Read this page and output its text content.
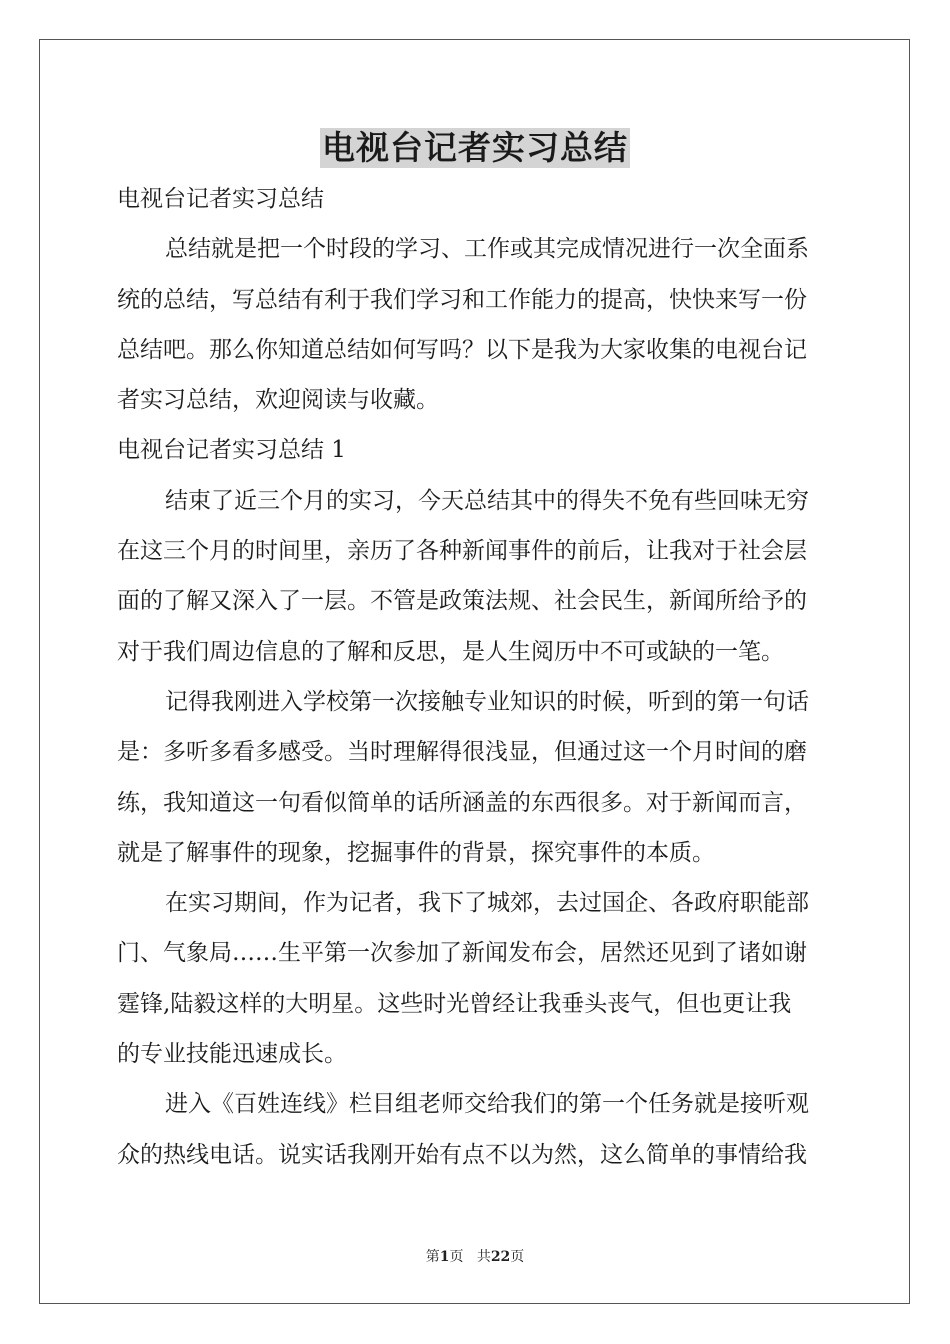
电视台记者实习总结
电视台记者实习总结
总结就是把一个时段的学习、工作或其完成情况进行一次全面系
统的总结，写总结有利于我们学习和工作能力的提高，快快来写一份
总结吧。那么你知道总结如何写吗？以下是我为大家收集的电视台记
者实习总结，欢迎阅读与收藏。
电视台记者实习总结 1
结束了近三个月的实习，今天总结其中的得失不免有些回味无穷
在这三个月的时间里，亲历了各种新闻事件的前后，让我对于社会层
面的了解又深入了一层。不管是政策法规、社会民生，新闻所给予的
对于我们周边信息的了解和反思，是人生阅历中不可或缺的一笔。
记得我刚进入学校第一次接触专业知识的时候，听到的第一句话
是：多听多看多感受。当时理解得很浅显，但通过这一个月时间的磨
练，我知道这一句看似简单的话所涵盖的东西很多。对于新闻而言，
就是了解事件的现象，挖掘事件的背景，探究事件的本质。
在实习期间，作为记者，我下了城郊，去过国企、各政府职能部
门、气象局……生平第一次参加了新闻发布会，居然还见到了诸如谢
霆锋,陆毅这样的大明星。这些时光曾经让我垂头丧气，但也更让我
的专业技能迅速成长。
进入《百姓连线》栏目组老师交给我们的第一个任务就是接听观
众的热线电话。说实话我刚开始有点不以为然，这么简单的事情给我
第1页 共22页
